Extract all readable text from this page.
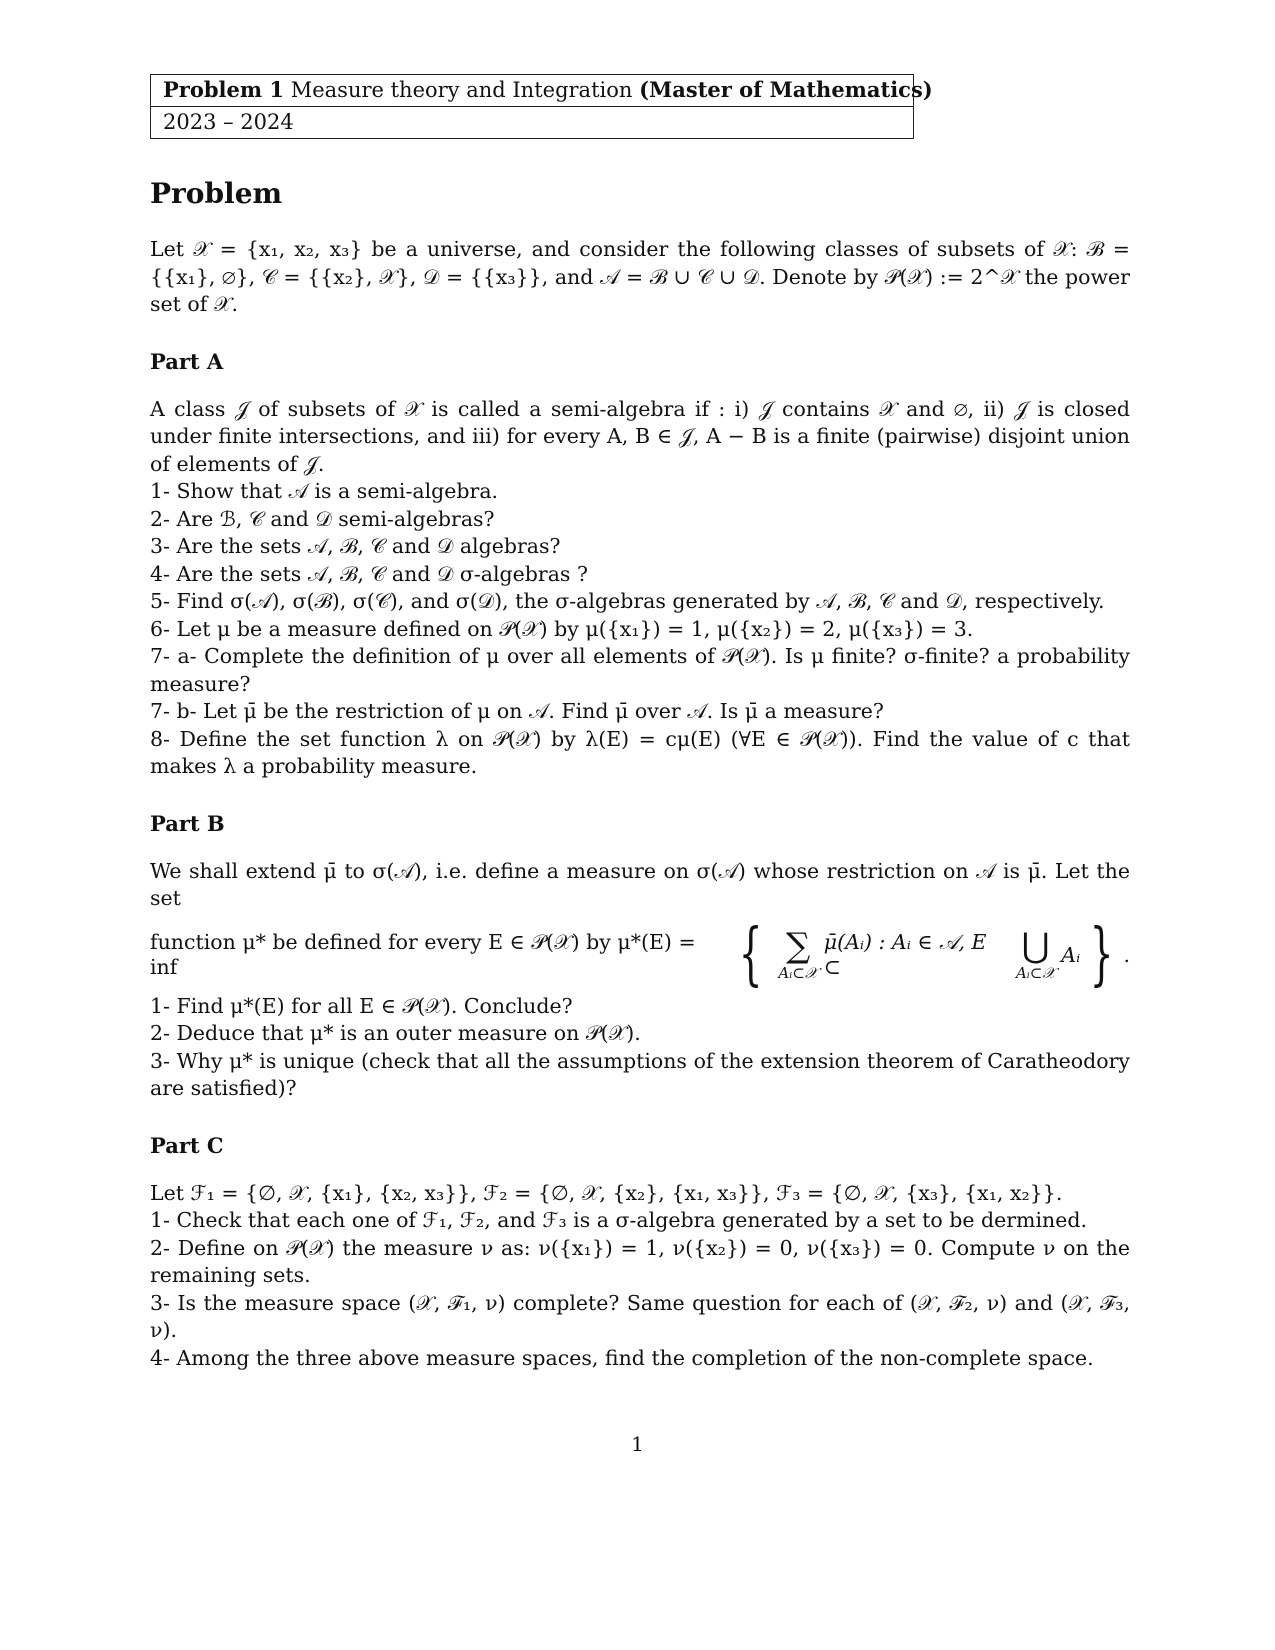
Problem 1 Measure theory and Integration (Master of Mathematics)
2023 – 2024
Problem

Let 𝒳 = {x₁, x₂, x₃} be a universe, and consider the following classes of subsets of 𝒳: ℬ = {{x₁}, ∅}, 𝒞 = {{x₂}, 𝒳}, 𝒟 = {{x₃}}, and 𝒜 = ℬ ∪ 𝒞 ∪ 𝒟. Denote by 𝒫(𝒳) := 2^𝒳 the power set of 𝒳.

Part A

A class 𝒥 of subsets of 𝒳 is called a semi-algebra if : i) 𝒥 contains 𝒳 and ∅, ii) 𝒥 is closed under finite intersections, and iii) for every A, B ∈ 𝒥, A − B is a finite (pairwise) disjoint union of elements of 𝒥.

1- Show that 𝒜 is a semi-algebra.

2- Are ℬ, 𝒞 and 𝒟 semi-algebras?

3- Are the sets 𝒜, ℬ, 𝒞 and 𝒟 algebras?

4- Are the sets 𝒜, ℬ, 𝒞 and 𝒟 σ-algebras ?

5- Find σ(𝒜), σ(ℬ), σ(𝒞), and σ(𝒟), the σ-algebras generated by 𝒜, ℬ, 𝒞 and 𝒟, respectively.

6- Let μ be a measure defined on 𝒫(𝒳) by μ({x₁}) = 1, μ({x₂}) = 2, μ({x₃}) = 3.

7- a- Complete the definition of μ over all elements of 𝒫(𝒳). Is μ finite? σ-finite? a probability measure?

7- b- Let μ̄ be the restriction of μ on 𝒜. Find μ̄ over 𝒜. Is μ̄ a measure?

8- Define the set function λ on 𝒫(𝒳) by λ(E) = cμ(E) (∀E ∈ 𝒫(𝒳)). Find the value of c that makes λ a probability measure.

Part B

We shall extend μ̄ to σ(𝒜), i.e. define a measure on σ(𝒜) whose restriction on 𝒜 is μ̄. Let the set

function μ* be defined for every E ∈ 𝒫(𝒳) by μ*(E) = inf	{ ∑
Aᵢ⊂𝒳
μ̄(Aᵢ) : Aᵢ ∈ 𝒜, E ⊂
⋃
Aᵢ⊂𝒳
Aᵢ } .

1- Find μ*(E) for all E ∈ 𝒫(𝒳). Conclude?

2- Deduce that μ* is an outer measure on 𝒫(𝒳).

3- Why μ* is unique (check that all the assumptions of the extension theorem of Caratheodory are satisfied)?

Part C

Let ℱ₁ = {∅, 𝒳, {x₁}, {x₂, x₃}}, ℱ₂ = {∅, 𝒳, {x₂}, {x₁, x₃}}, ℱ₃ = {∅, 𝒳, {x₃}, {x₁, x₂}}.

1- Check that each one of ℱ₁, ℱ₂, and ℱ₃ is a σ-algebra generated by a set to be dermined.

2- Define on 𝒫(𝒳) the measure ν as: ν({x₁}) = 1, ν({x₂}) = 0, ν({x₃}) = 0. Compute ν on the remaining sets.

3- Is the measure space (𝒳, ℱ₁, ν) complete? Same question for each of (𝒳, ℱ₂, ν) and (𝒳, ℱ₃, ν).

4- Among the three above measure spaces, find the completion of the non-complete space.

1
